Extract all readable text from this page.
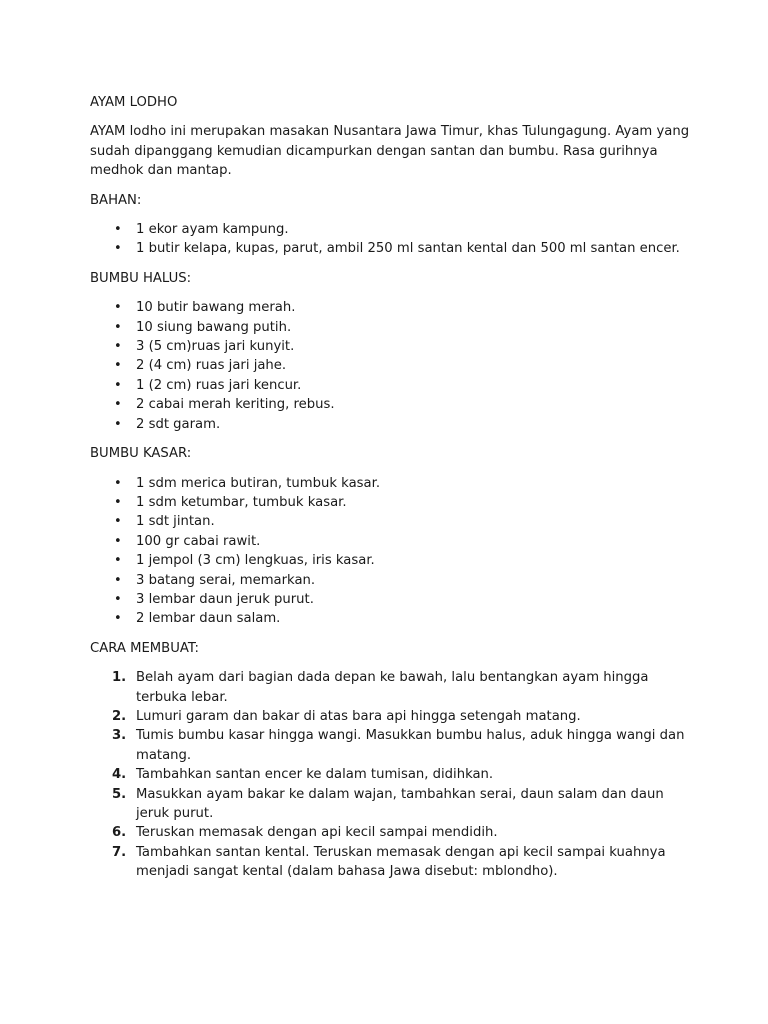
AYAM LODHO

AYAM lodho ini merupakan masakan Nusantara Jawa Timur, khas Tulungagung. Ayam yang sudah dipanggang kemudian dicampurkan dengan santan dan bumbu. Rasa gurihnya medhok dan mantap.

BAHAN:

• 1 ekor ayam kampung.
• 1 butir kelapa, kupas, parut, ambil 250 ml santan kental dan 500 ml santan encer.

BUMBU HALUS:

• 10 butir bawang merah.
• 10 siung bawang putih.
• 3 (5 cm)ruas jari kunyit.
• 2 (4 cm) ruas jari jahe.
• 1 (2 cm) ruas jari kencur.
• 2 cabai merah keriting, rebus.
• 2 sdt garam.

BUMBU KASAR:

• 1 sdm merica butiran, tumbuk kasar.
• 1 sdm ketumbar, tumbuk kasar.
• 1 sdt jintan.
• 100 gr cabai rawit.
• 1 jempol (3 cm) lengkuas, iris kasar.
• 3 batang serai, memarkan.
• 3 lembar daun jeruk purut.
• 2 lembar daun salam.

CARA MEMBUAT:

1. Belah ayam dari bagian dada depan ke bawah, lalu bentangkan ayam hingga terbuka lebar.
2. Lumuri garam dan bakar di atas bara api hingga setengah matang.
3. Tumis bumbu kasar hingga wangi. Masukkan bumbu halus, aduk hingga wangi dan matang.
4. Tambahkan santan encer ke dalam tumisan, didihkan.
5. Masukkan ayam bakar ke dalam wajan, tambahkan serai, daun salam dan daun jeruk purut.
6. Teruskan memasak dengan api kecil sampai mendidih.
7. Tambahkan santan kental. Teruskan memasak dengan api kecil sampai kuahnya menjadi sangat kental (dalam bahasa Jawa disebut: mblondho).
